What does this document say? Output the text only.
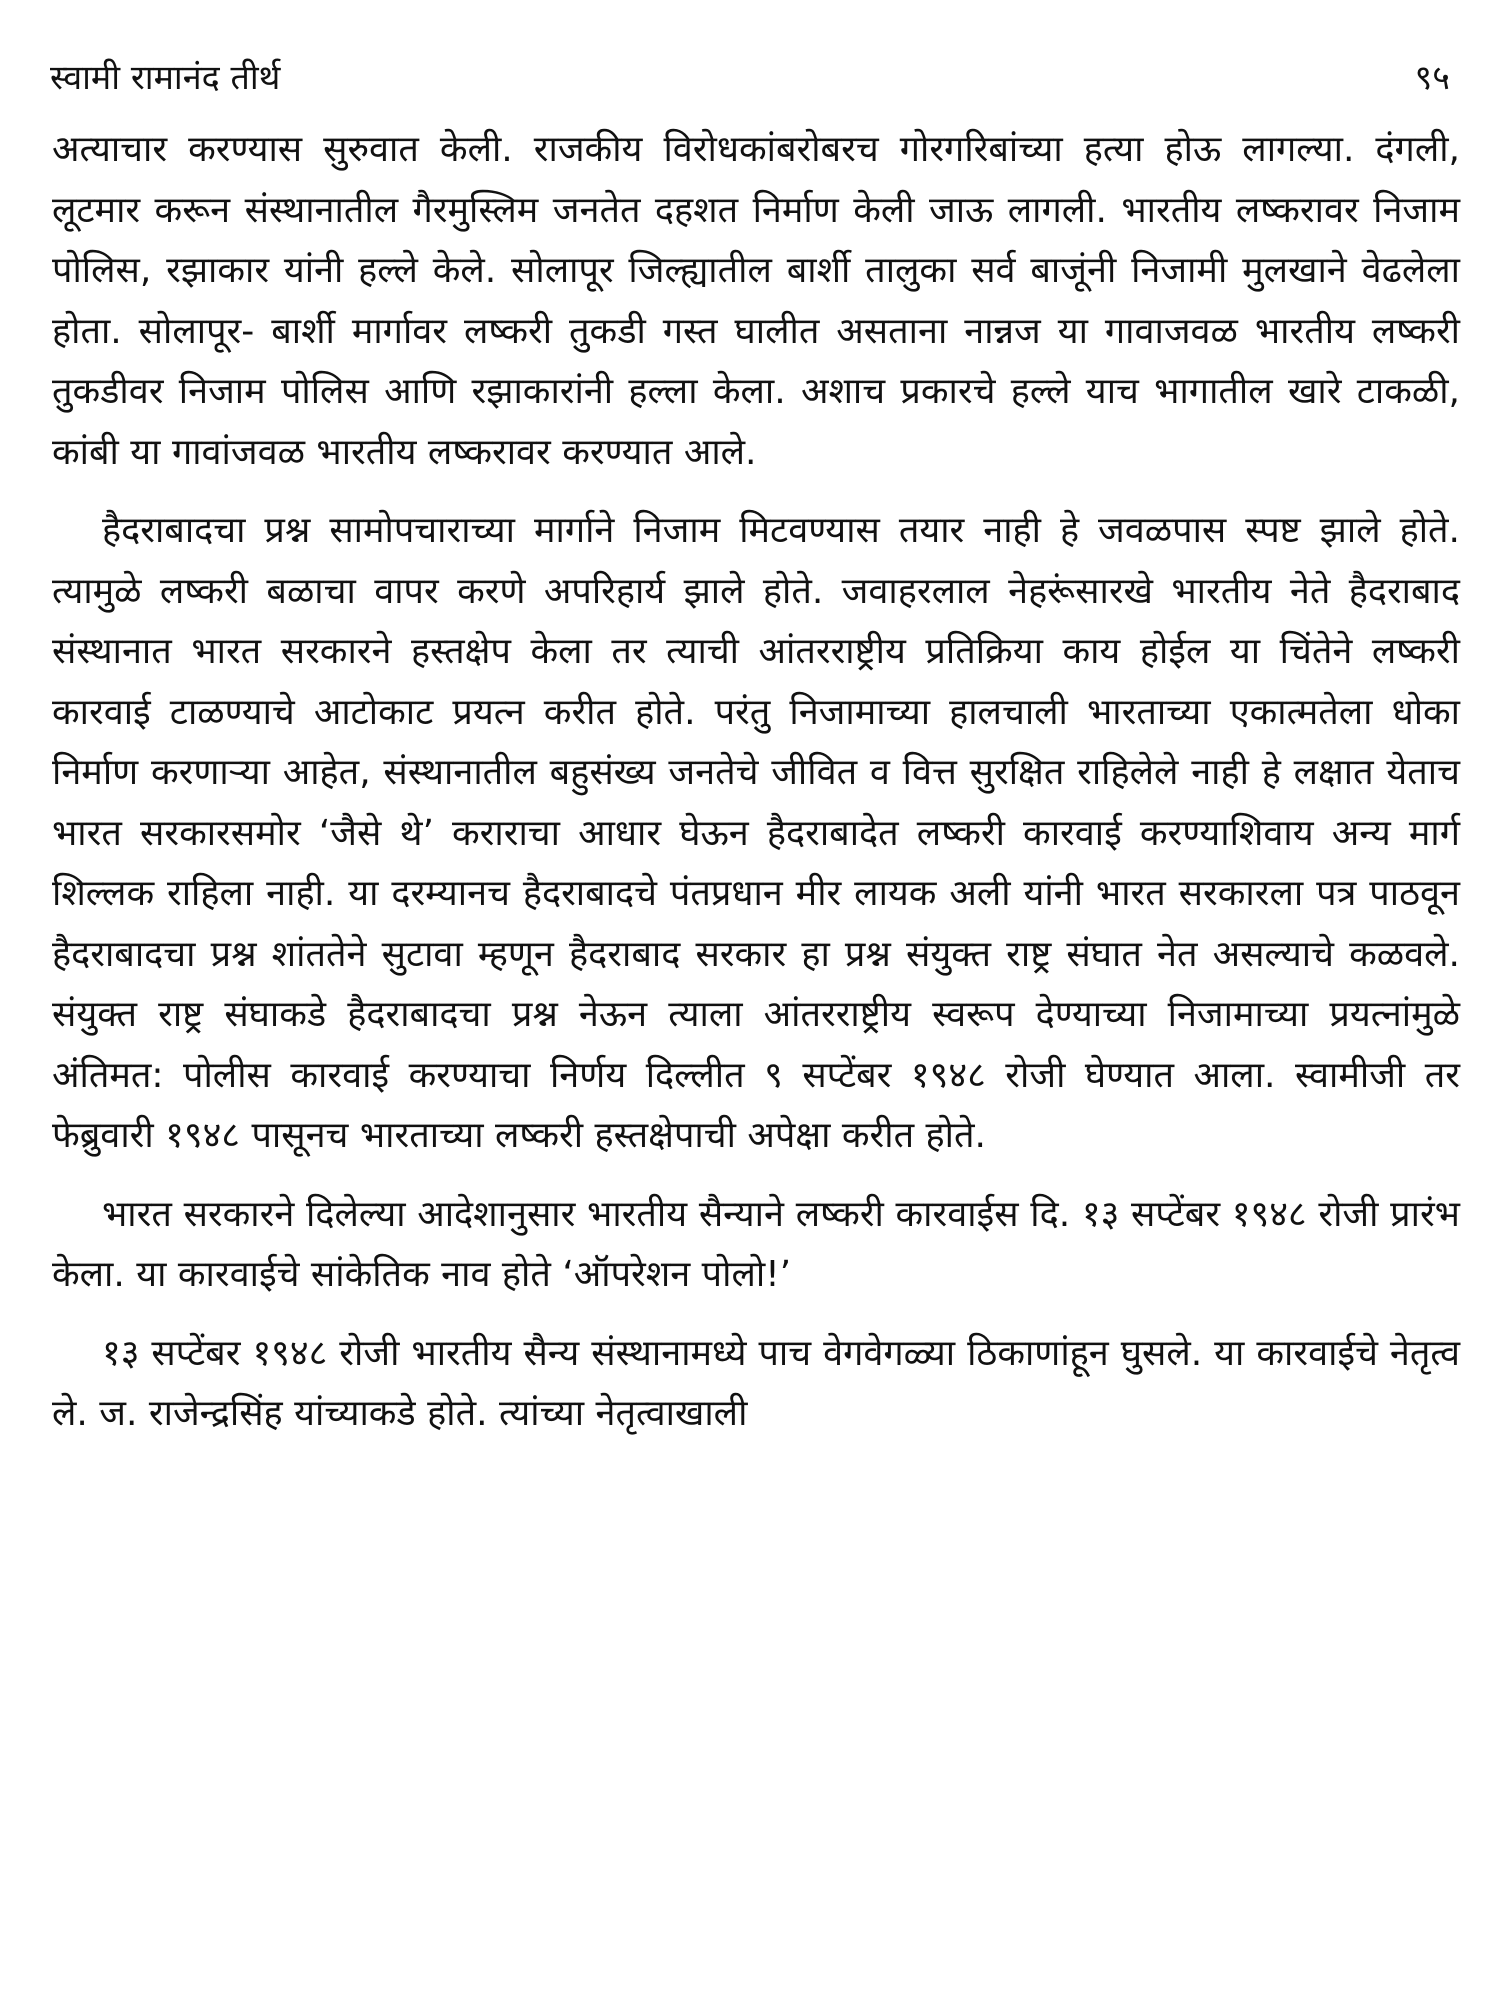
स्वामी रामानंद तीर्थ	९५

अत्याचार करण्यास सुरुवात केली. राजकीय विरोधकांबरोबरच गोरगरिबांच्या हत्या होऊ लागल्या. दंगली, लूटमार करून संस्थानातील गैरमुस्लिम जनतेत दहशत निर्माण केली जाऊ लागली. भारतीय लष्करावर निजाम पोलिस, रझाकार यांनी हल्ले केले. सोलापूर जिल्ह्यातील बार्शी तालुका सर्व बाजूंनी निजामी मुलखाने वेढलेला होता. सोलापूर- बार्शी मार्गावर लष्करी तुकडी गस्त घालीत असताना नान्नज या गावाजवळ भारतीय लष्करी तुकडीवर निजाम पोलिस आणि रझाकारांनी हल्ला केला. अशाच प्रकारचे हल्ले याच भागातील खारे टाकळी, कांबी या गावांजवळ भारतीय लष्करावर करण्यात आले.

हैदराबादचा प्रश्न सामोपचाराच्या मार्गाने निजाम मिटवण्यास तयार नाही हे जवळपास स्पष्ट झाले होते. त्यामुळे लष्करी बळाचा वापर करणे अपरिहार्य झाले होते. जवाहरलाल नेहरूंसारखे भारतीय नेते हैदराबाद संस्थानात भारत सरकारने हस्तक्षेप केला तर त्याची आंतरराष्ट्रीय प्रतिक्रिया काय होईल या चिंतेने लष्करी कारवाई टाळण्याचे आटोकाट प्रयत्न करीत होते. परंतु निजामाच्या हालचाली भारताच्या एकात्मतेला धोका निर्माण करणाऱ्या आहेत, संस्थानातील बहुसंख्य जनतेचे जीवित व वित्त सुरक्षित राहिलेले नाही हे लक्षात येताच भारत सरकारसमोर ‘जैसे थे’ कराराचा आधार घेऊन हैदराबादेत लष्करी कारवाई करण्याशिवाय अन्य मार्ग शिल्लक राहिला नाही. या दरम्यानच हैदराबादचे पंतप्रधान मीर लायक अली यांनी भारत सरकारला पत्र पाठवून हैदराबादचा प्रश्न शांततेने सुटावा म्हणून हैदराबाद सरकार हा प्रश्न संयुक्त राष्ट्र संघात नेत असल्याचे कळवले. संयुक्त राष्ट्र संघाकडे हैदराबादचा प्रश्न नेऊन त्याला आंतरराष्ट्रीय स्वरूप देण्याच्या निजामाच्या प्रयत्नांमुळे अंतिमत: पोलीस कारवाई करण्याचा निर्णय दिल्लीत ९ सप्टेंबर १९४८ रोजी घेण्यात आला. स्वामीजी तर फेब्रुवारी १९४८ पासूनच भारताच्या लष्करी हस्तक्षेपाची अपेक्षा करीत होते.

भारत सरकारने दिलेल्या आदेशानुसार भारतीय सैन्याने लष्करी कारवाईस दि. १३ सप्टेंबर १९४८ रोजी प्रारंभ केला. या कारवाईचे सांकेतिक नाव होते ‘ऑपरेशन पोलो!’

१३ सप्टेंबर १९४८ रोजी भारतीय सैन्य संस्थानामध्ये पाच वेगवेगळ्या ठिकाणांहून घुसले. या कारवाईचे नेतृत्व ले. ज. राजेन्द्रसिंह यांच्याकडे होते. त्यांच्या नेतृत्वाखाली
